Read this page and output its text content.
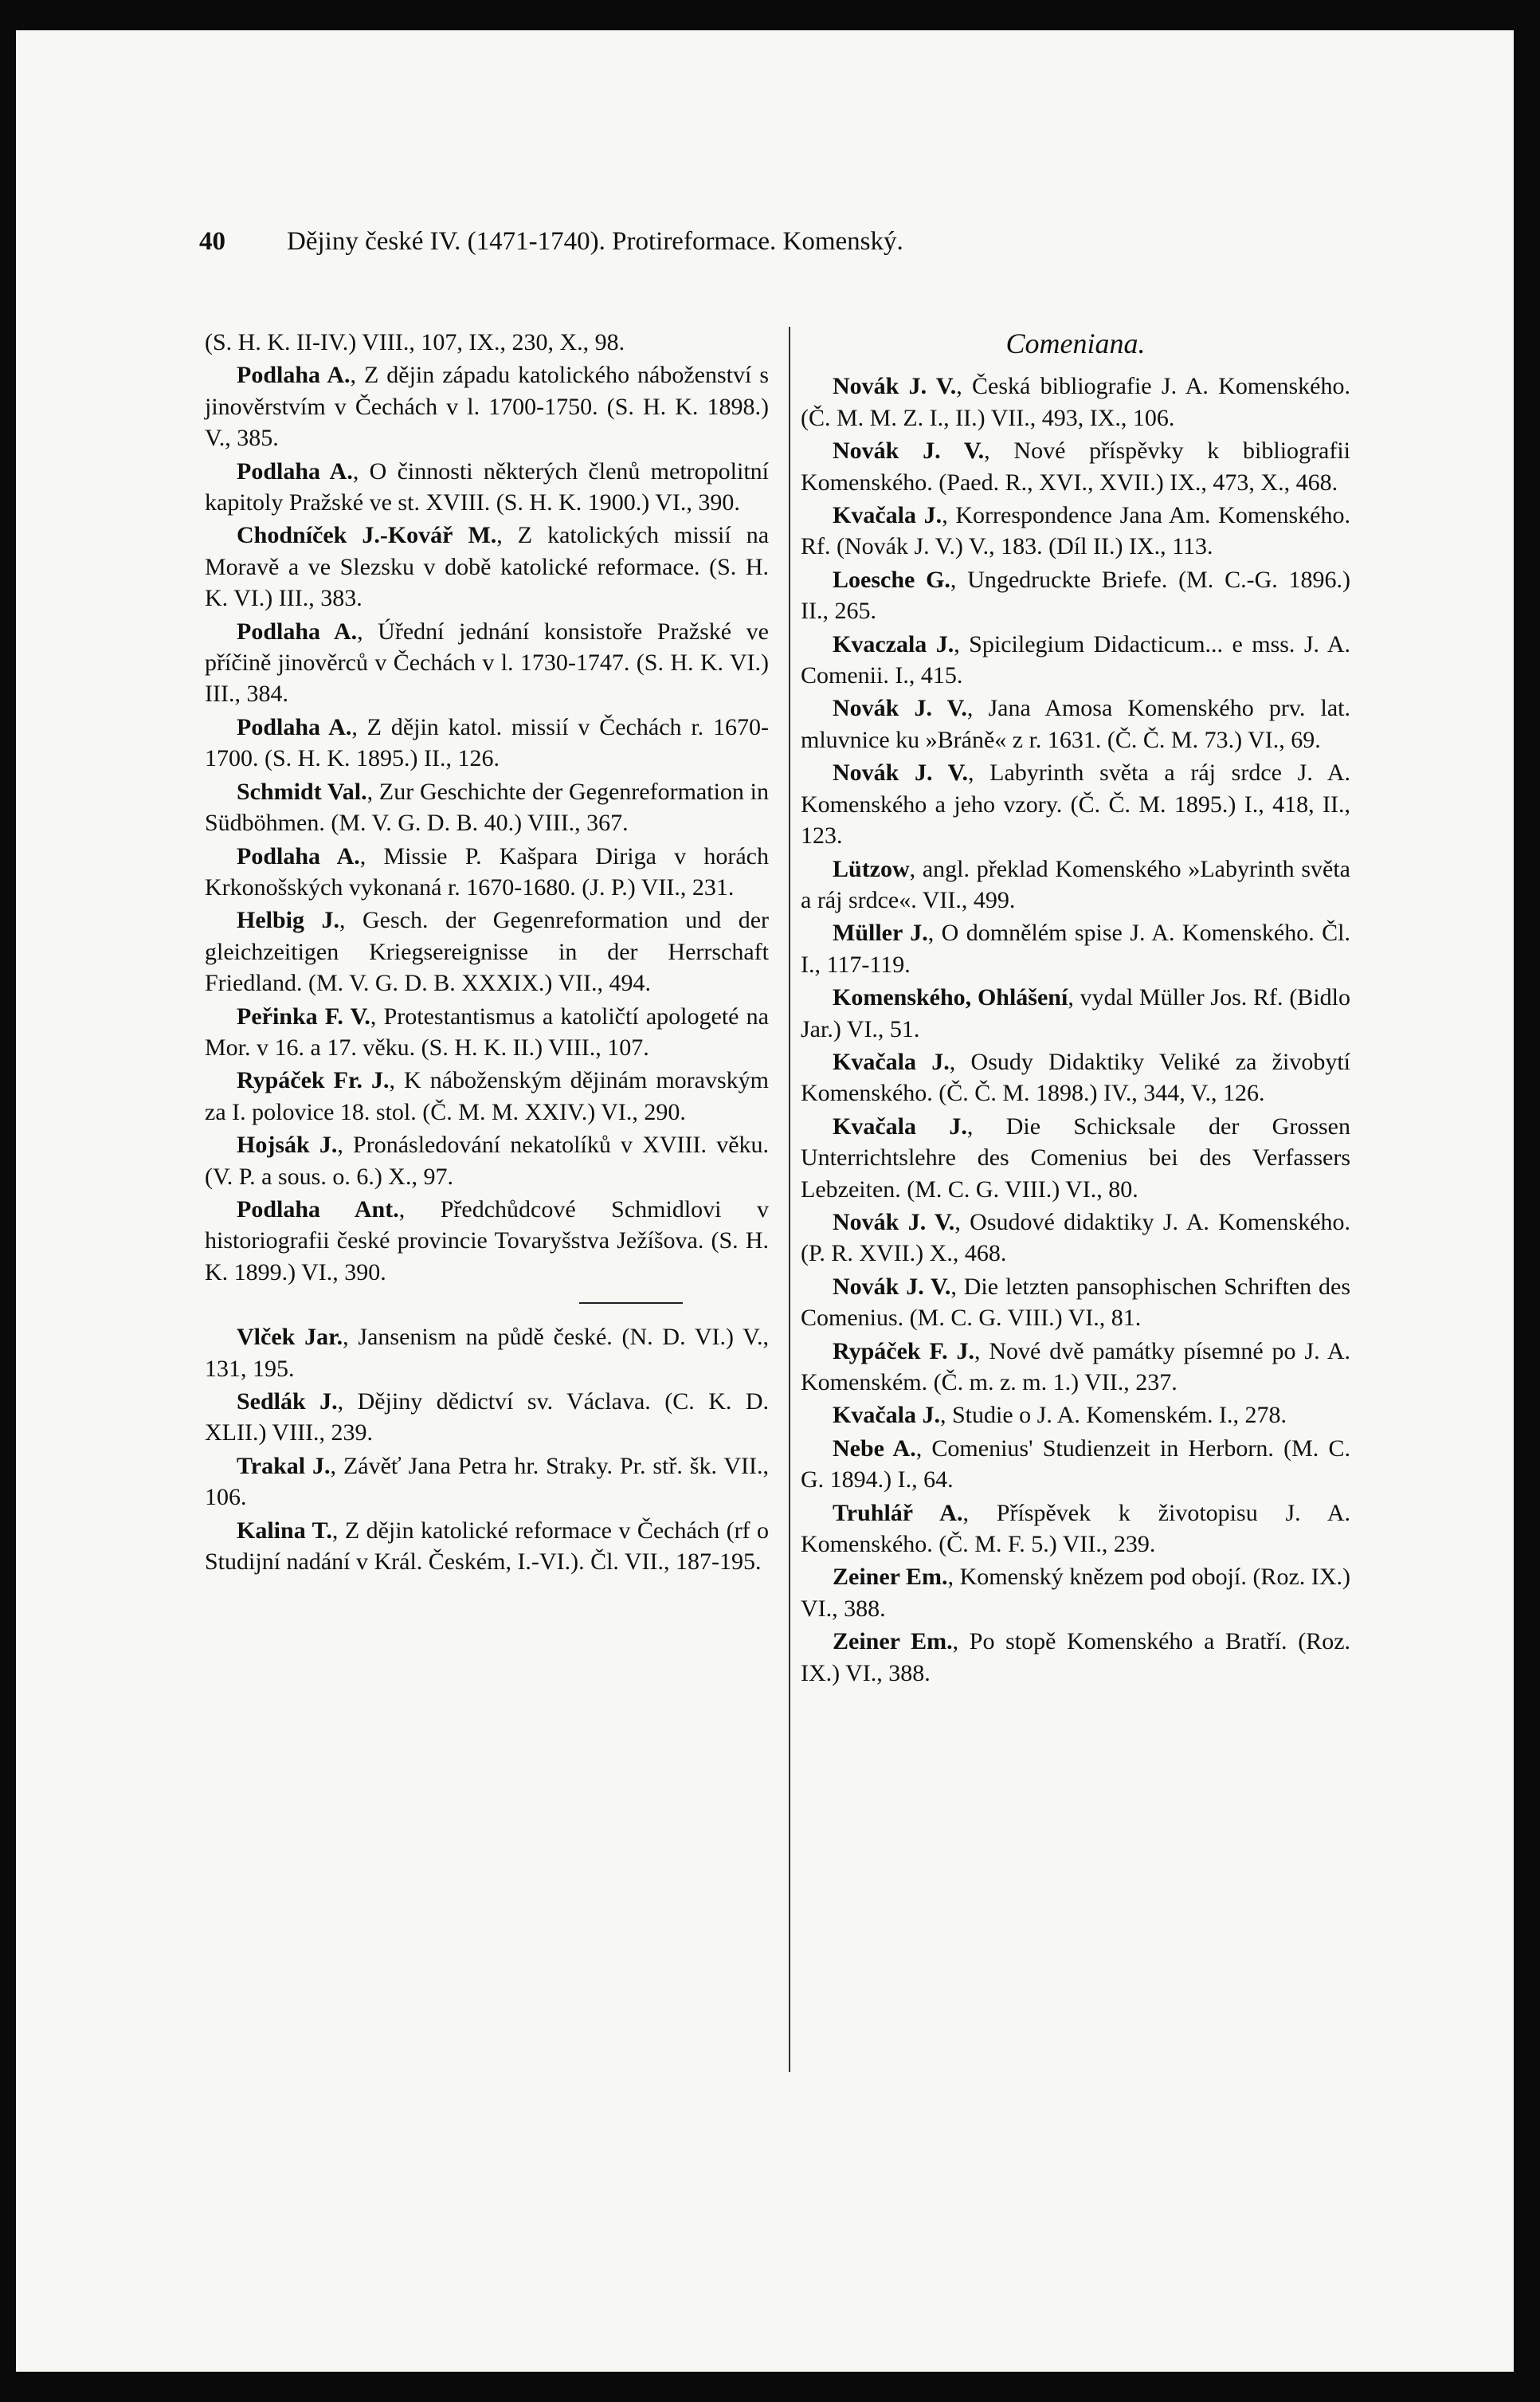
40 Dějiny české IV. (1471-1740). Protireformace. Komenský.
(S. H. K. II-IV.) VIII., 107, IX., 230, X., 98.
Podlaha A., Z dějin západu katolického náboženství s jinověrstvím v Čechách v l. 1700-1750. (S. H. K. 1898.) V., 385.
Podlaha A., O činnosti některých členů metropolitní kapitoly Pražské ve st. XVIII. (S. H. K. 1900.) VI., 390.
Chodníček J.-Kovář M., Z katolických missií na Moravě a ve Slezsku v době katolické reformace. (S. H. K. VI.) III., 383.
Podlaha A., Úřední jednání konsistoře Pražské ve příčině jinověrců v Čechách v l. 1730-1747. (S. H. K. VI.) III., 384.
Podlaha A., Z dějin katol. missií v Čechách r. 1670-1700. (S. H. K. 1895.) II., 126.
Schmidt Val., Zur Geschichte der Gegenreformation in Südböhmen. (M. V. G. D. B. 40.) VIII., 367.
Podlaha A., Missie P. Kašpara Diriga v horách Krkonošských vykonaná r. 1670-1680. (J. P.) VII., 231.
Helbig J., Gesch. der Gegenreformation und der gleichzeitigen Kriegsereignisse in der Herrschaft Friedland. (M. V. G. D. B. XXXIX.) VII., 494.
Peřinka F. V., Protestantismus a katoličtí apologeté na Mor. v 16. a 17. věku. (S. H. K. II.) VIII., 107.
Rypáček Fr. J., K náboženským dějinám moravským za I. polovice 18. stol. (Č. M. M. XXIV.) VI., 290.
Hojsák J., Pronásledování nekatolíků v XVIII. věku. (V. P. a sous. o. 6.) X., 97.
Podlaha Ant., Předchůdcové Schmidlovi v historiografii české provincie Tovaryšstva Ježíšova. (S. H. K. 1899.) VI., 390.
Vlček Jar., Jansenism na půdě české. (N. D. VI.) V., 131, 195.
Sedlák J., Dějiny dědictví sv. Václava. (C. K. D. XLII.) VIII., 239.
Trakal J., Závěť Jana Petra hr. Straky. Pr. stř. šk. VII., 106.
Kalina T., Z dějin katolické reformace v Čechách (rf o Studijní nadání v Král. Českém, I.-VI.). Čl. VII., 187-195.
Comeniana.
Novák J. V., Česká bibliografie J. A. Komenského. (Č. M. M. Z. I., II.) VII., 493, IX., 106.
Novák J. V., Nové příspěvky k bibliografii Komenského. (Paed. R., XVI., XVII.) IX., 473, X., 468.
Kvačala J., Korrespondence Jana Am. Komenského. Rf. (Novák J. V.) V., 183. (Díl II.) IX., 113.
Loesche G., Ungedruckte Briefe. (M. C.-G. 1896.) II., 265.
Kvaczala J., Spicilegium Didacticum... e mss. J. A. Comenii. I., 415.
Novák J. V., Jana Amosa Komenského prv. lat. mluvnice ku »Bráně« z r. 1631. (Č. Č. M. 73.) VI., 69.
Novák J. V., Labyrinth světa a ráj srdce J. A. Komenského a jeho vzory. (Č. Č. M. 1895.) I., 418, II., 123.
Lützow, angl. překlad Komenského »Labyrinth světa a ráj srdce«. VII., 499.
Müller J., O domnělém spise J. A. Komenského. Čl. I., 117-119.
Komenského, Ohlášení, vydal Müller Jos. Rf. (Bidlo Jar.) VI., 51.
Kvačala J., Osudy Didaktiky Veliké za živobytí Komenského. (Č. Č. M. 1898.) IV., 344, V., 126.
Kvačala J., Die Schicksale der Grossen Unterrichtslehre des Comenius bei des Verfassers Lebzeiten. (M. C. G. VIII.) VI., 80.
Novák J. V., Osudové didaktiky J. A. Komenského. (P. R. XVII.) X., 468.
Novák J. V., Die letzten pansophischen Schriften des Comenius. (M. C. G. VIII.) VI., 81.
Rypáček F. J., Nové dvě památky písemné po J. A. Komenském. (Č. m. z. m. 1.) VII., 237.
Kvačala J., Studie o J. A. Komenském. I., 278.
Nebe A., Comenius' Studienzeit in Herborn. (M. C. G. 1894.) I., 64.
Truhlář A., Příspěvek k životopisu J. A. Komenského. (Č. M. F. 5.) VII., 239.
Zeiner Em., Komenský knězem pod obojí. (Roz. IX.) VI., 388.
Zeiner Em., Po stopě Komenského a Bratří. (Roz. IX.) VI., 388.
